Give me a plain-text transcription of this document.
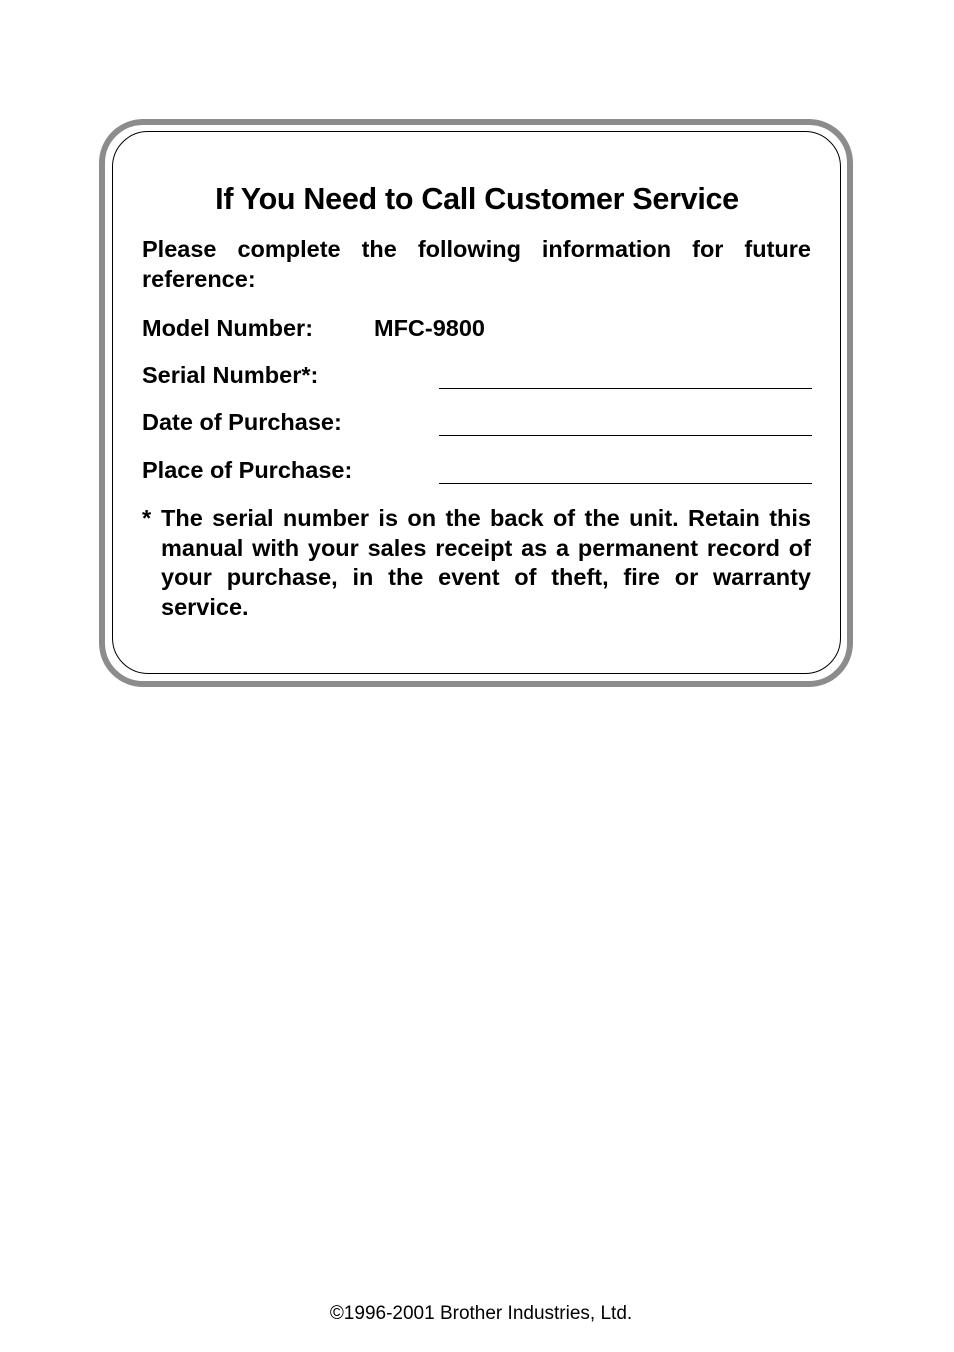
If You Need to Call Customer Service
Please complete the following information for future reference:
Model Number:	MFC-9800
Serial Number*:
Date of Purchase:
Place of Purchase:
* The serial number is on the back of the unit. Retain this manual with your sales receipt as a permanent record of your purchase, in the event of theft, fire or warranty service.
©1996-2001 Brother Industries, Ltd.
